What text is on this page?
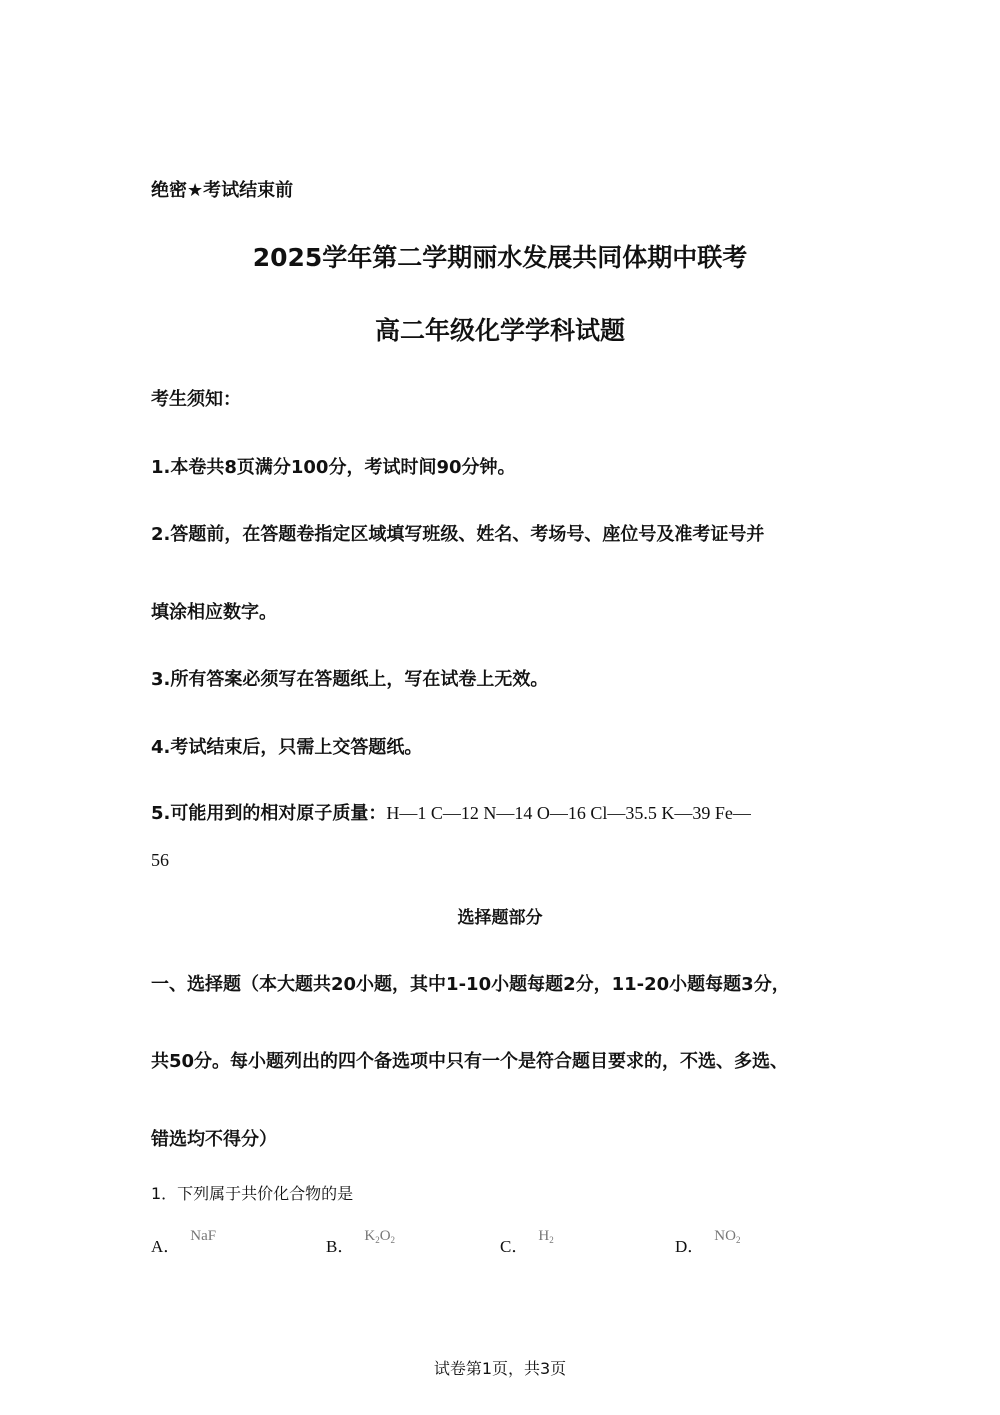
绝密★考试结束前
2025学年第二学期丽水发展共同体期中联考
高二年级化学学科试题
考生须知：
1.本卷共8页满分100分，考试时间90分钟。
2.答题前，在答题卷指定区域填写班级、姓名、考场号、座位号及准考证号并
填涂相应数字。
3.所有答案必须写在答题纸上，写在试卷上无效。
4.考试结束后，只需上交答题纸。
5.可能用到的相对原子质量：H—1 C—12 N—14 O—16 Cl—35.5 K—39 Fe—
56
选择题部分
一、选择题（本大题共20小题，其中1-10小题每题2分，11-20小题每题3分，
共50分。每小题列出的四个备选项中只有一个是符合题目要求的，不选、多选、
错选均不得分）
1．下列属于共价化合物的是
A．NaF
B．$K_2O_2$	C．$H_2$	D．$NO_2$
试卷第1页，共3页
